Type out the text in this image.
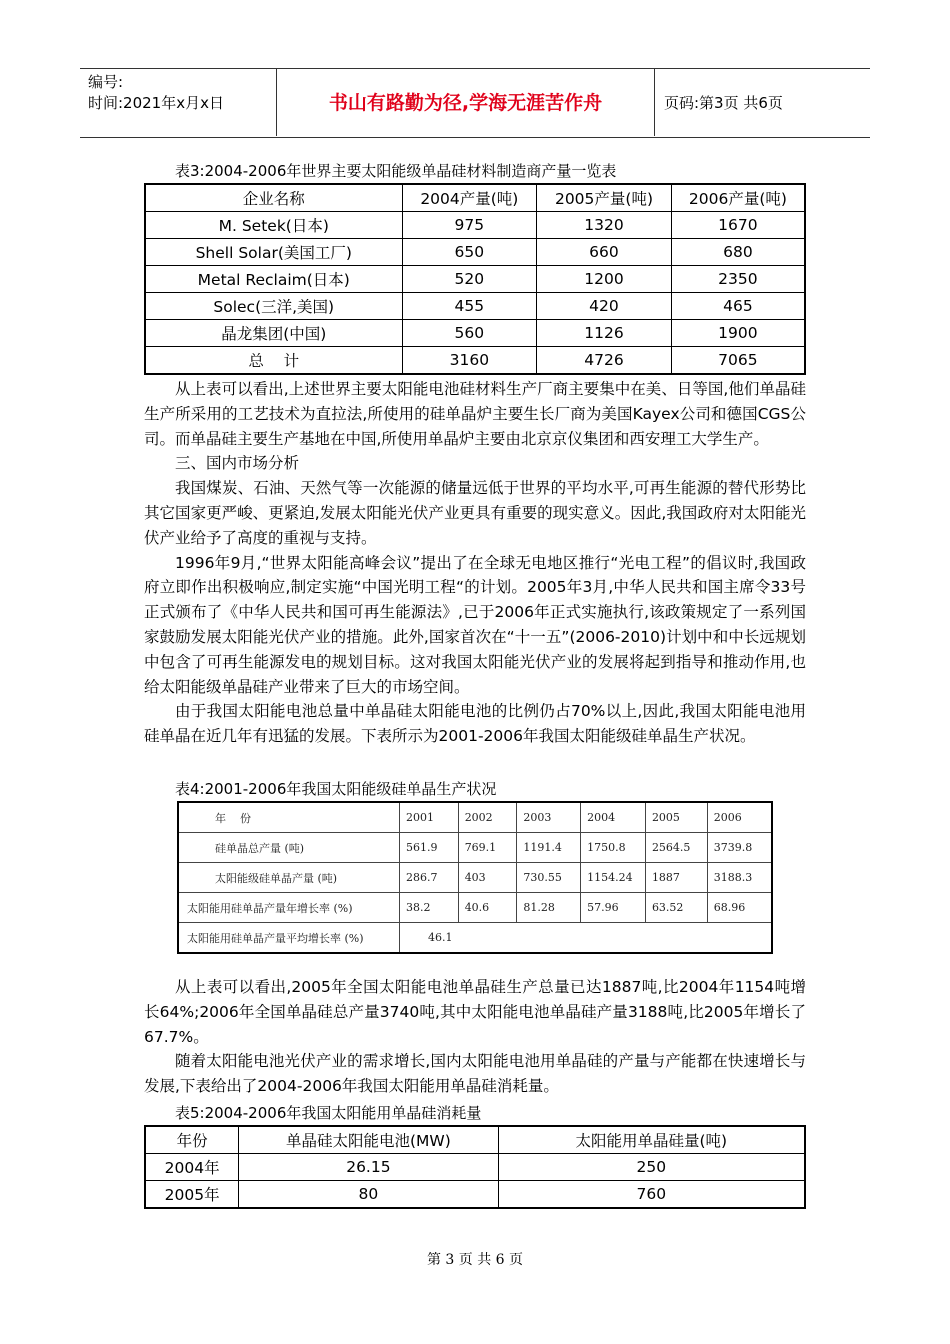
编号:
时间:2021年x月x日	书山有路勤为径,学海无涯苦作舟	页码:第3页 共6页
表3:2004-2006年世界主要太阳能级单晶硅材料制造商产量一览表
企业名称	2004产量(吨)	2005产量(吨)	2006产量(吨)
M. Setek(日本)	975	1320	1670
Shell Solar(美国工厂)	650	660	680
Metal Reclaim(日本)	520	1200	2350
Solec(三洋,美国)	455	420	465
晶龙集团(中国)	560	1126	1900
总    计	3160	4726	7065

从上表可以看出,上述世界主要太阳能电池硅材料生产厂商主要集中在美、日等国,他们单晶硅生产所采用的工艺技术为直拉法,所使用的硅单晶炉主要生长厂商为美国Kayex公司和德国CGS公司。而单晶硅主要生产基地在中国,所使用单晶炉主要由北京京仪集团和西安理工大学生产。

三、国内市场分析

我国煤炭、石油、天然气等一次能源的储量远低于世界的平均水平,可再生能源的替代形势比其它国家更严峻、更紧迫,发展太阳能光伏产业更具有重要的现实意义。因此,我国政府对太阳能光伏产业给予了高度的重视与支持。

1996年9月,“世界太阳能高峰会议”提出了在全球无电地区推行“光电工程”的倡议时,我国政府立即作出积极响应,制定实施“中国光明工程“的计划。2005年3月,中华人民共和国主席令33号正式颁布了《中华人民共和国可再生能源法》,已于2006年正式实施执行,该政策规定了一系列国家鼓励发展太阳能光伏产业的措施。此外,国家首次在“十一五”(2006-2010)计划中和中长远规划中包含了可再生能源发电的规划目标。这对我国太阳能光伏产业的发展将起到指导和推动作用,也给太阳能级单晶硅产业带来了巨大的市场空间。

由于我国太阳能电池总量中单晶硅太阳能电池的比例仍占70%以上,因此,我国太阳能电池用硅单晶在近几年有迅猛的发展。下表所示为2001-2006年我国太阳能级硅单晶生产状况。

表4:2001-2006年我国太阳能级硅单晶生产状况
年    份	2001	2002	2003	2004	2005	2006
硅单晶总产量 (吨)	561.9	769.1	1191.4	1750.8	2564.5	3739.8
太阳能级硅单晶产量 (吨)	286.7	403	730.55	1154.24	1887	3188.3
太阳能用硅单晶产量年增长率 (%)	38.2	40.6	81.28	57.96	63.52	68.96
太阳能用硅单晶产量平均增长率 (%)	46.1					

从上表可以看出,2005年全国太阳能电池单晶硅生产总量已达1887吨,比2004年1154吨增长64%;2006年全国单晶硅总产量3740吨,其中太阳能电池单晶硅产量3188吨,比2005年增长了67.7%。

随着太阳能电池光伏产业的需求增长,国内太阳能电池用单晶硅的产量与产能都在快速增长与发展,下表给出了2004-2006年我国太阳能用单晶硅消耗量。

表5:2004-2006年我国太阳能用单晶硅消耗量
年份	单晶硅太阳能电池(MW)	太阳能用单晶硅量(吨)
2004年	26.15	250
2005年	80	760
第 3 页 共 6 页
